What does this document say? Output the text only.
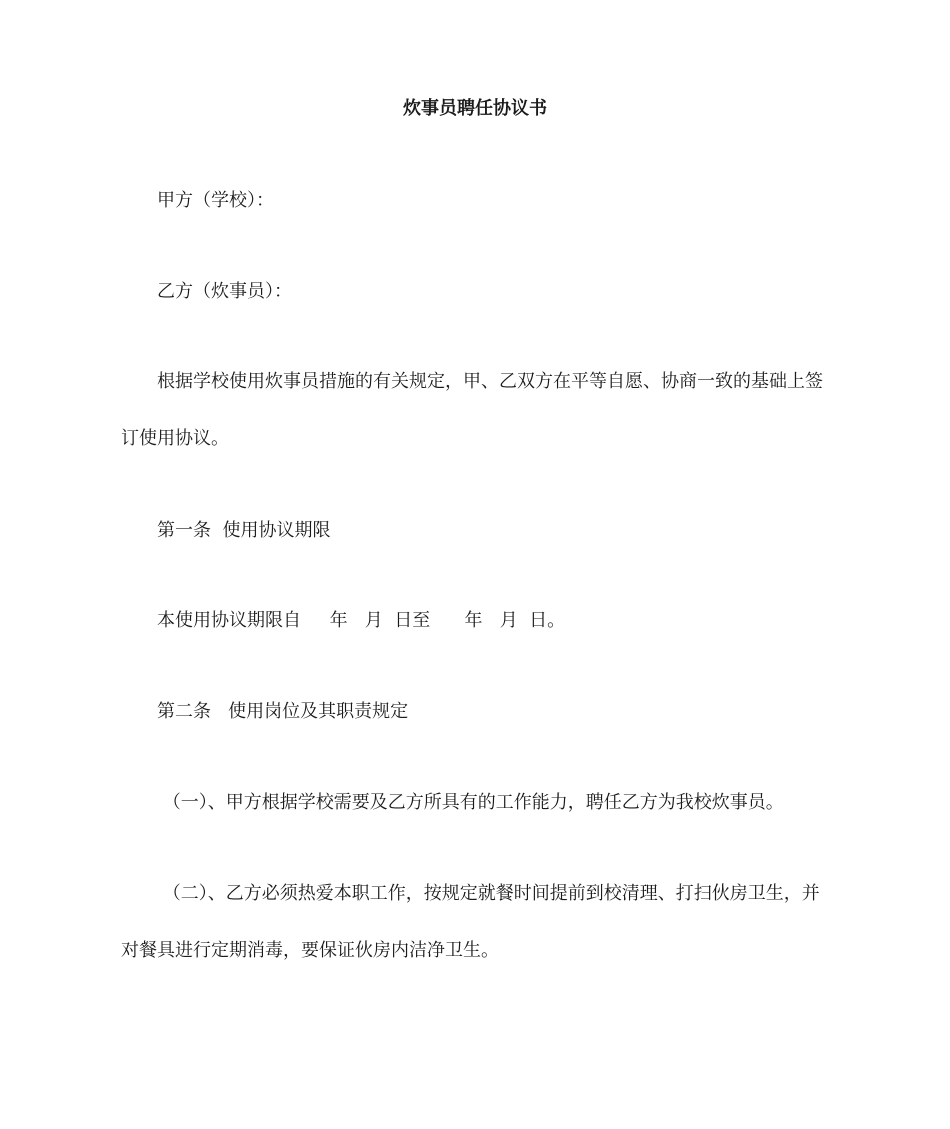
炊事员聘任协议书

甲方（学校）：

乙方（炊事员）：

根据学校使用炊事员措施的有关规定，甲、乙双方在平等自愿、协商一致的基础上签

订使用协议。

第一条  使用协议期限

本使用协议期限自     年   月  日至      年   月  日。

第二条   使用岗位及其职责规定

（一）、甲方根据学校需要及乙方所具有的工作能力，聘任乙方为我校炊事员。

（二）、乙方必须热爱本职工作，按规定就餐时间提前到校清理、打扫伙房卫生，并

对餐具进行定期消毒，要保证伙房内洁净卫生。
